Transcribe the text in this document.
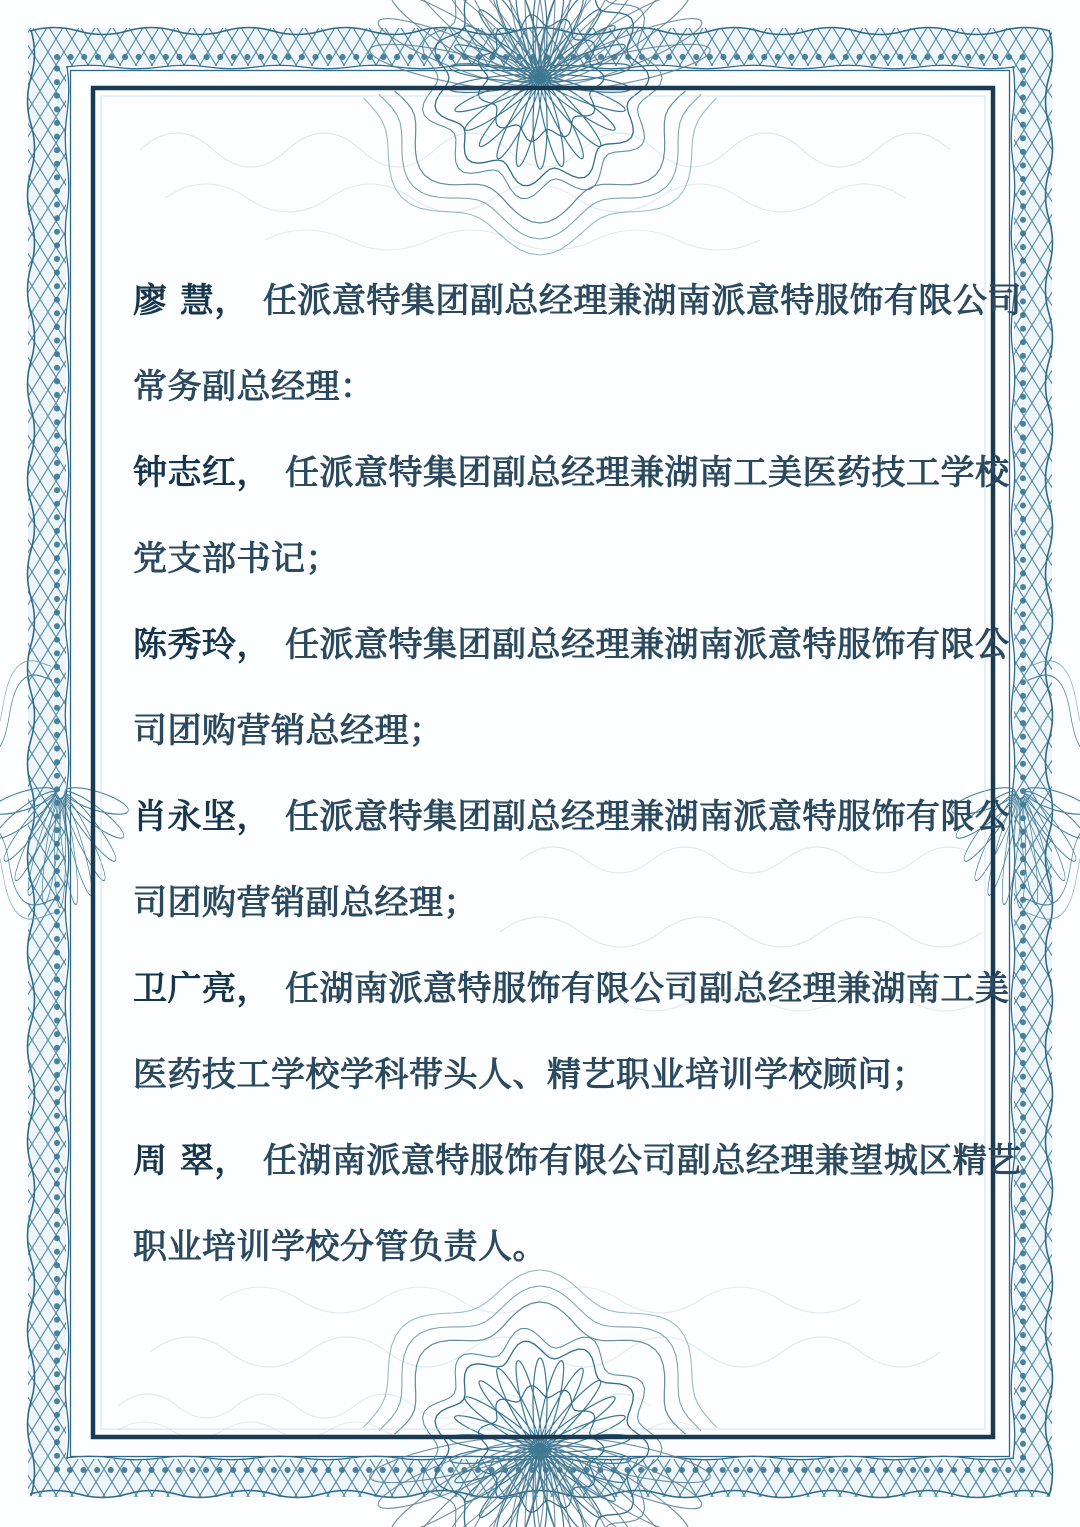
廖 慧， 任派意特集团副总经理兼湖南派意特服饰有限公司
常务副总经理：
钟志红， 任派意特集团副总经理兼湖南工美医药技工学校
党支部书记；
陈秀玲， 任派意特集团副总经理兼湖南派意特服饰有限公
司团购营销总经理；
肖永坚， 任派意特集团副总经理兼湖南派意特服饰有限公
司团购营销副总经理；
卫广亮， 任湖南派意特服饰有限公司副总经理兼湖南工美
医药技工学校学科带头人、精艺职业培训学校顾问；
周 翠， 任湖南派意特服饰有限公司副总经理兼望城区精艺
职业培训学校分管负责人。
